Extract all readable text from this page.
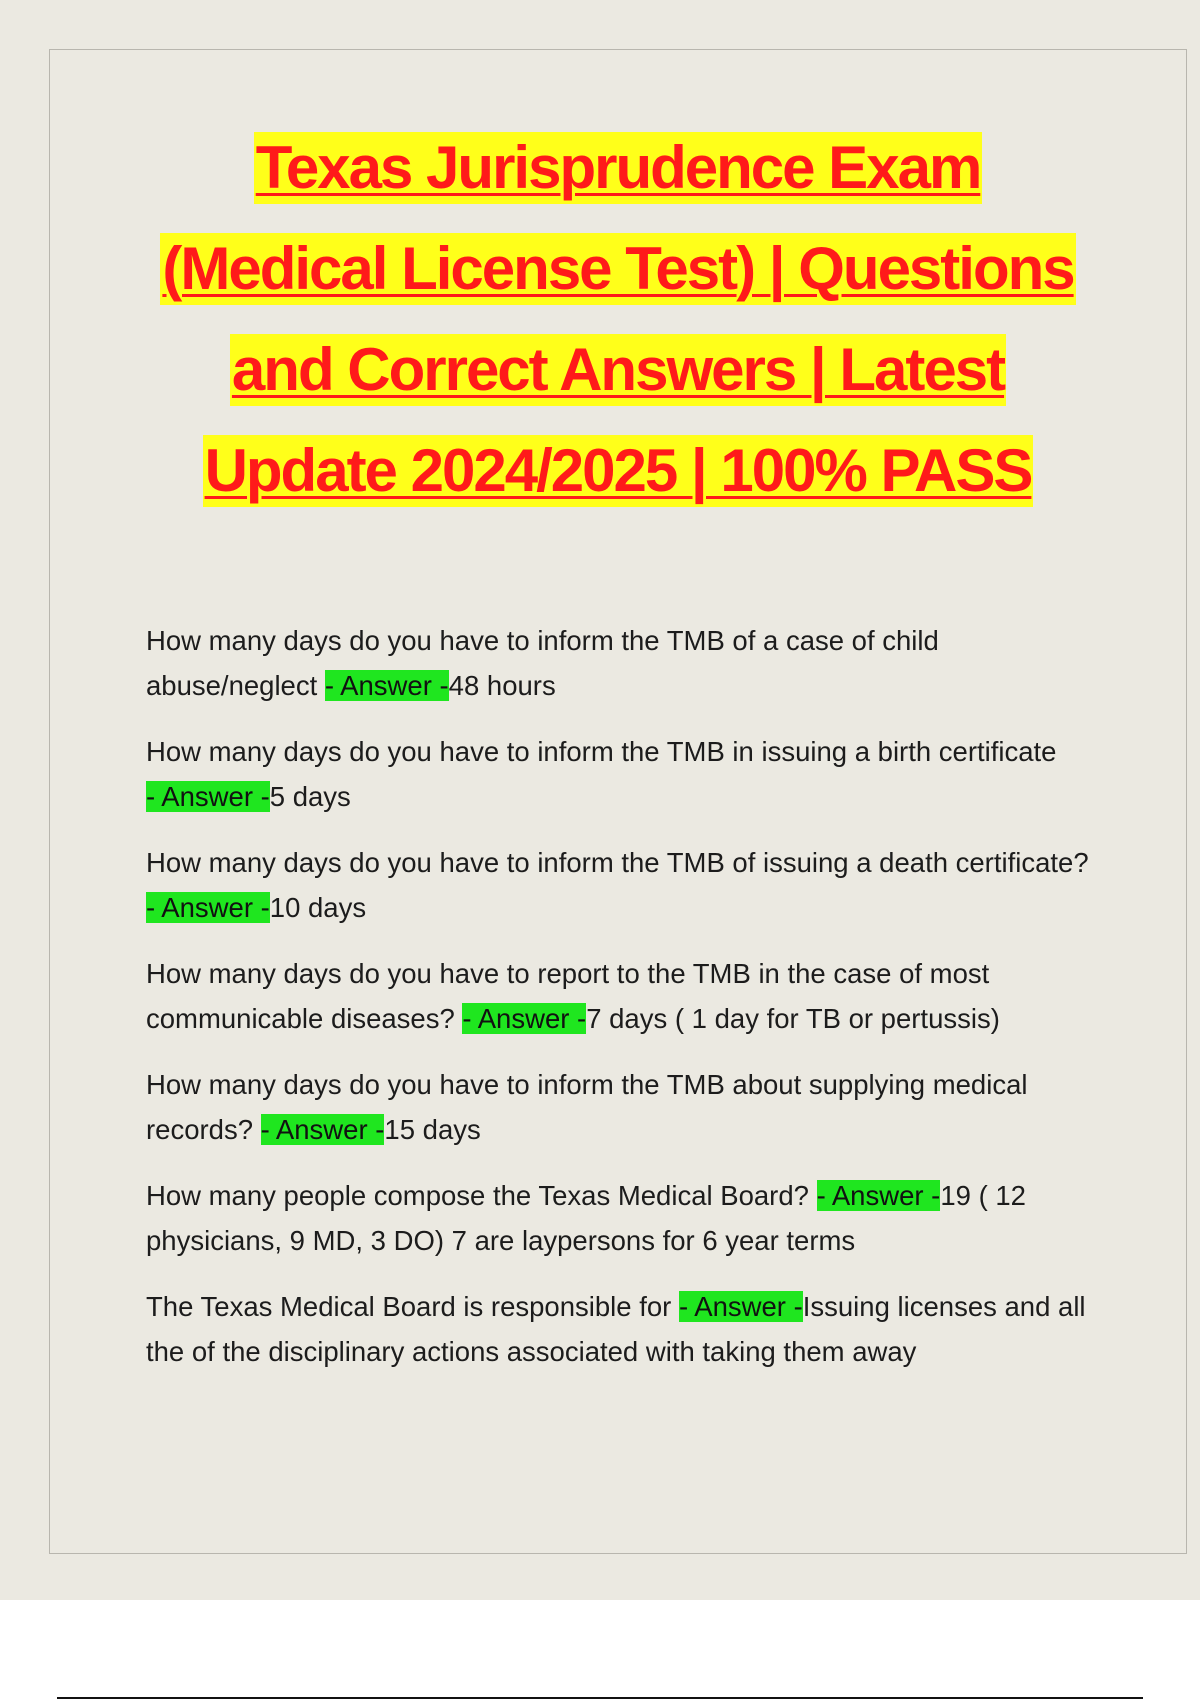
Texas Jurisprudence Exam
(Medical License Test) | Questions
and Correct Answers | Latest
Update 2024/2025 | 100% PASS

How many days do you have to inform the TMB of a case of child abuse/neglect - Answer -48 hours

How many days do you have to inform the TMB in issuing a birth certificate - Answer -5 days

How many days do you have to inform the TMB of issuing a death certificate? - Answer -10 days

How many days do you have to report to the TMB in the case of most communicable diseases? - Answer -7 days ( 1 day for TB or pertussis)

How many days do you have to inform the TMB about supplying medical records? - Answer -15 days

How many people compose the Texas Medical Board? - Answer -19 ( 12 physicians, 9 MD, 3 DO) 7 are laypersons for 6 year terms

The Texas Medical Board is responsible for - Answer -Issuing licenses and all the of the disciplinary actions associated with taking them away
